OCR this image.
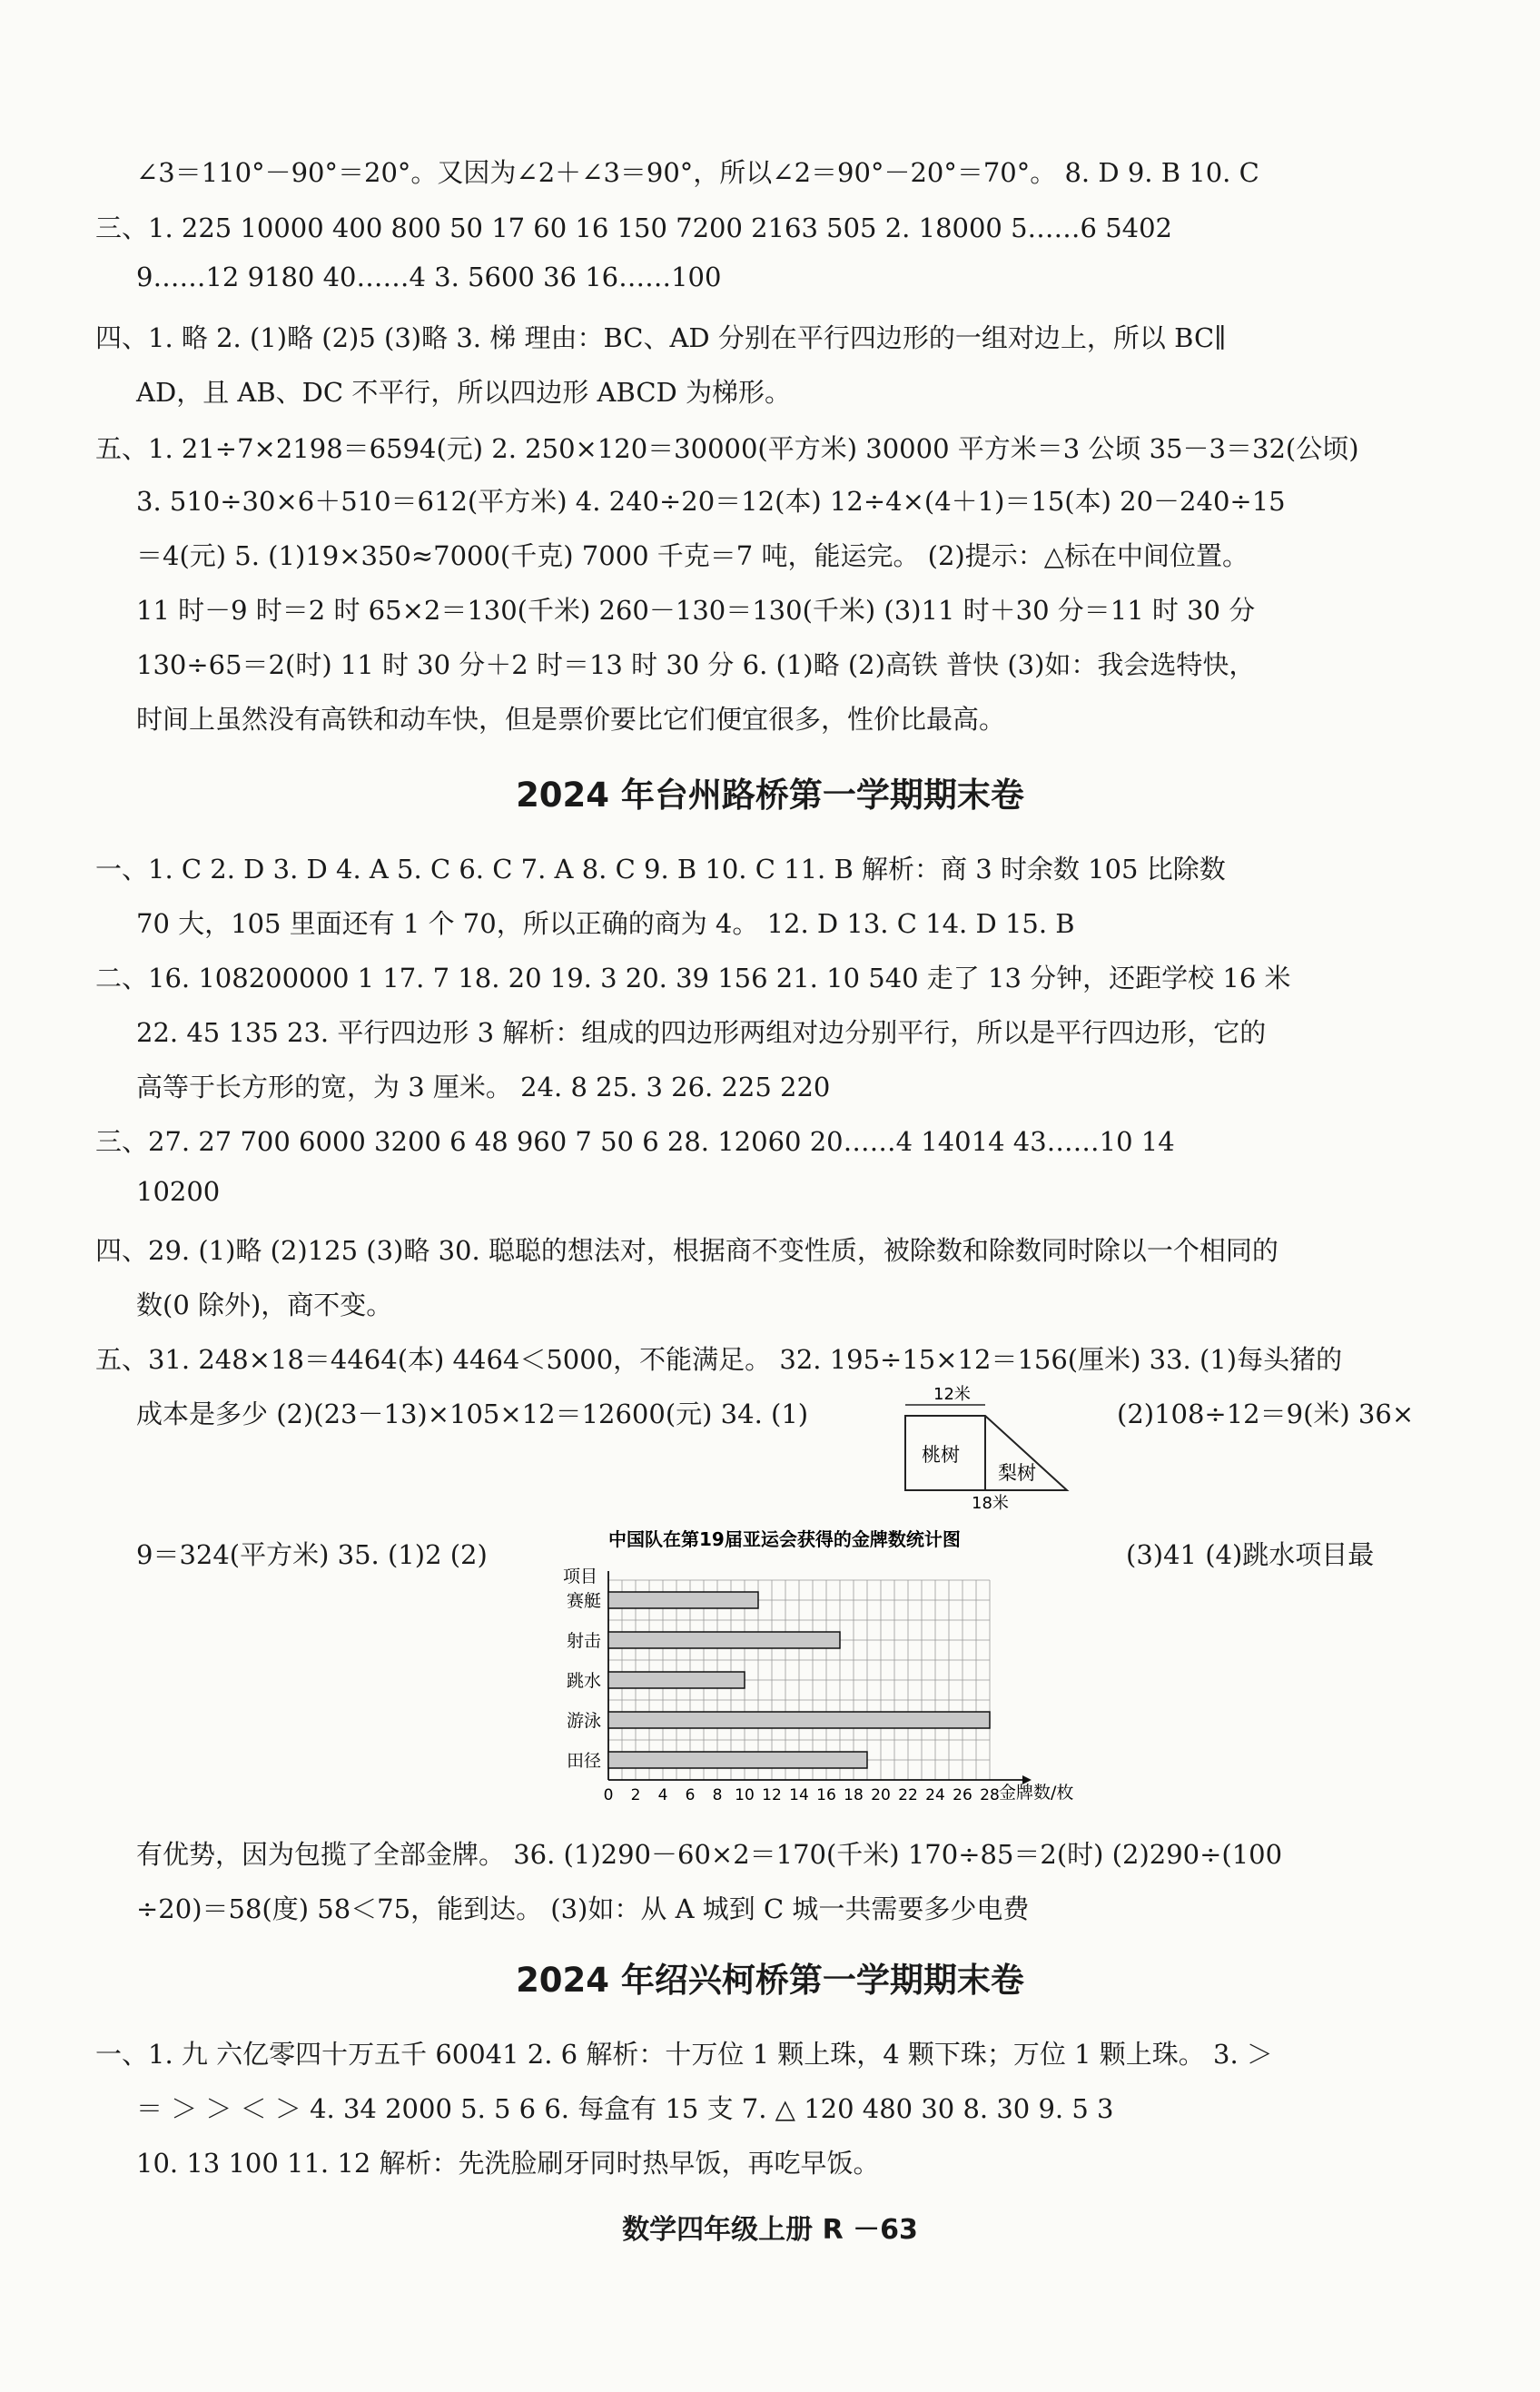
∠3＝110°－90°＝20°。又因为∠2＋∠3＝90°，所以∠2＝90°－20°＝70°。 8. D 9. B 10. C
三、1. 225 10000 400 800 50 17 60 16 150 7200 2163 505 2. 18000 5……6 5402
9……12 9180 40……4 3. 5600 36 16……100
四、1. 略 2. (1)略 (2)5 (3)略 3. 梯 理由：BC、AD 分别在平行四边形的一组对边上，所以 BC∥
AD，且 AB、DC 不平行，所以四边形 ABCD 为梯形。
五、1. 21÷7×2198＝6594(元) 2. 250×120＝30000(平方米) 30000 平方米＝3 公顷 35－3＝32(公顷)
3. 510÷30×6＋510＝612(平方米) 4. 240÷20＝12(本) 12÷4×(4＋1)＝15(本) 20－240÷15
＝4(元) 5. (1)19×350≈7000(千克) 7000 千克＝7 吨，能运完。 (2)提示：△标在中间位置。
11 时－9 时＝2 时 65×2＝130(千米) 260－130＝130(千米) (3)11 时＋30 分＝11 时 30 分
130÷65＝2(时) 11 时 30 分＋2 时＝13 时 30 分 6. (1)略 (2)高铁 普快 (3)如：我会选特快，
时间上虽然没有高铁和动车快，但是票价要比它们便宜很多，性价比最高。
2024 年台州路桥第一学期期末卷
一、1. C 2. D 3. D 4. A 5. C 6. C 7. A 8. C 9. B 10. C 11. B 解析：商 3 时余数 105 比除数
70 大，105 里面还有 1 个 70，所以正确的商为 4。 12. D 13. C 14. D 15. B
二、16. 108200000 1 17. 7 18. 20 19. 3 20. 39 156 21. 10 540 走了 13 分钟，还距学校 16 米
22. 45 135 23. 平行四边形 3 解析：组成的四边形两组对边分别平行，所以是平行四边形，它的
高等于长方形的宽，为 3 厘米。 24. 8 25. 3 26. 225 220
三、27. 27 700 6000 3200 6 48 960 7 50 6 28. 12060 20……4 14014 43……10 14
10200
四、29. (1)略 (2)125 (3)略 30. 聪聪的想法对，根据商不变性质，被除数和除数同时除以一个相同的
数(0 除外)，商不变。
五、31. 248×18＝4464(本) 4464＜5000，不能满足。 32. 195÷15×12＝156(厘米) 33. (1)每头猪的
成本是多少 (2)(23－13)×105×12＝12600(元) 34. (1)
12米
桃树
梨树
18米
(2)108÷12＝9(米) 36×
9＝324(平方米) 35. (1)2 (2)	(3)41 (4)跳水项目最
中国队在第19届亚运会获得的金牌数统计图
项目
金牌数/枚
赛艇
射击
跳水
游泳
田径
0 2 4 6 8 10 12 14 16 18 20 22 24 26 28
有优势，因为包揽了全部金牌。 36. (1)290－60×2＝170(千米) 170÷85＝2(时) (2)290÷(100
÷20)＝58(度) 58＜75，能到达。 (3)如：从 A 城到 C 城一共需要多少电费
2024 年绍兴柯桥第一学期期末卷
一、1. 九 六亿零四十万五千 60041 2. 6 解析：十万位 1 颗上珠，4 颗下珠；万位 1 颗上珠。 3. ＞
＝ ＞ ＞ ＜ ＞ 4. 34 2000 5. 5 6 6. 每盒有 15 支 7. △ 120 480 30 8. 30 9. 5 3
10. 13 100 11. 12 解析：先洗脸刷牙同时热早饭，再吃早饭。
数学四年级上册 R －63
